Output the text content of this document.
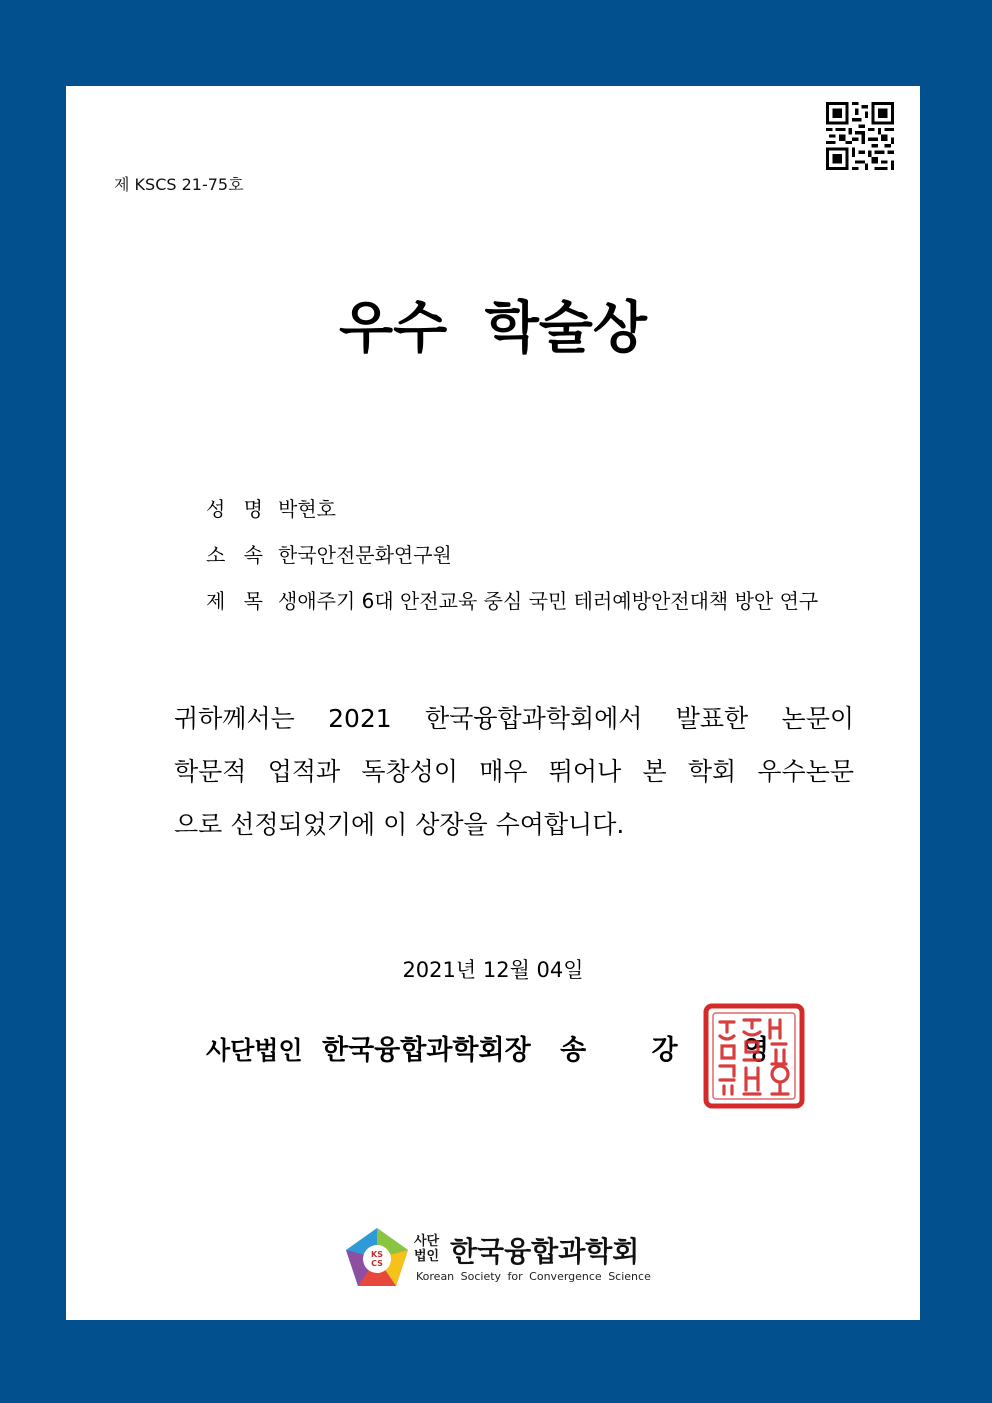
제 KSCS 21-75호
우수 학술상
성 명 박현호
소 속 한국안전문화연구원
제 목 생애주기 6대 안전교육 중심 국민 테러예방안전대책 방안 연구
귀하께서는 2021 한국융합과학회에서 발표한 논문이
학문적 업적과 독창성이 매우 뛰어나 본 학회 우수논문
으로 선정되었기에 이 상장을 수여합니다.
2021년 12월 04일
사단법인 한국융합과학회장 송 강 영
KS
CS
사단법인 한국융합과학회
Korean Society for Convergence Science
